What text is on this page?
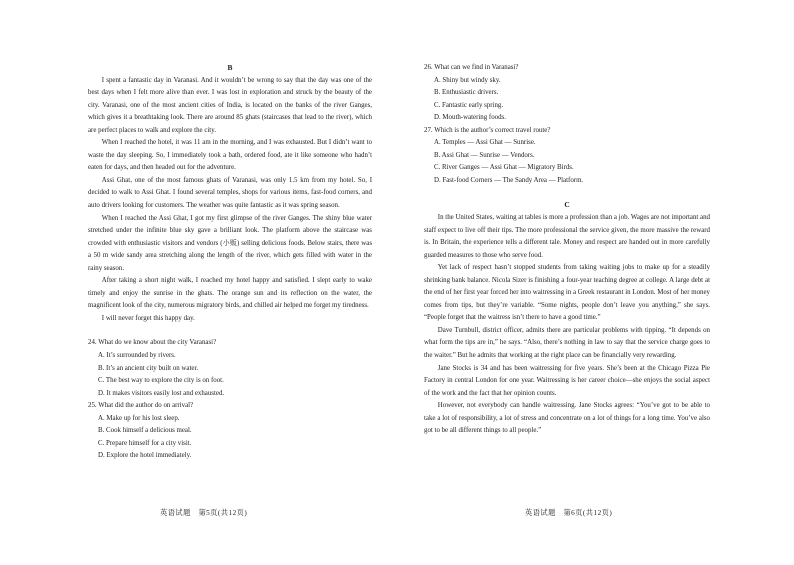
B

I spent a fantastic day in Varanasi. And it wouldn’t be wrong to say that the day was one of the best days when I felt more alive than ever. I was lost in exploration and struck by the beauty of the city. Varanasi, one of the most ancient cities of India, is located on the banks of the river Ganges, which gives it a breathtaking look. There are around 85 ghats (staircases that lead to the river), which are perfect places to walk and explore the city.

When I reached the hotel, it was 11 am in the morning, and I was exhausted. But I didn’t want to waste the day sleeping. So, I immediately took a bath, ordered food, ate it like someone who hadn’t eaten for days, and then headed out for the adventure.

Assi Ghat, one of the most famous ghats of Varanasi, was only 1.5 km from my hotel. So, I decided to walk to Assi Ghat. I found several temples, shops for various items, fast-food corners, and auto drivers looking for customers. The weather was quite fantastic as it was spring season.

When I reached the Assi Ghat, I got my first glimpse of the river Ganges. The shiny blue water stretched under the infinite blue sky gave a brilliant look. The platform above the staircase was crowded with enthusiastic visitors and vendors (小贩) selling delicious foods. Below stairs, there was a 50 m wide sandy area stretching along the length of the river, which gets filled with water in the rainy season.

After taking a short night walk, I reached my hotel happy and satisfied. I slept early to wake timely and enjoy the sunrise in the ghats. The orange sun and its reflection on the water, the magnificent look of the city, numerous migratory birds, and chilled air helped me forget my tiredness.

I will never forget this happy day.

24. What do we know about the city Varanasi?

A. It’s surrounded by rivers.

B. It’s an ancient city built on water.

C. The best way to explore the city is on foot.

D. It makes visitors easily lost and exhausted.

25. What did the author do on arrival?

A. Make up for his lost sleep.

B. Cook himself a delicious meal.

C. Prepare himself for a city visit.

D. Explore the hotel immediately.

英语试题　第5页(共12页)

26. What can we find in Varanasi?

A. Shiny but windy sky.

B. Enthusiastic drivers.

C. Fantastic early spring.

D. Mouth-watering foods.

27. Which is the author’s correct travel route?

A. Temples — Assi Ghat — Sunrise.

B. Assi Ghat — Sunrise — Vendors.

C. River Ganges — Assi Ghat — Migratory Birds.

D. Fast-food Corners — The Sandy Area — Platform.

C

In the United States, waiting at tables is more a profession than a job. Wages are not important and staff expect to live off their tips. The more professional the service given, the more massive the reward is. In Britain, the experience tells a different tale. Money and respect are handed out in more carefully guarded measures to those who serve food.

Yet lack of respect hasn’t stopped students from taking waiting jobs to make up for a steadily shrinking bank balance. Nicola Sizer is finishing a four-year teaching degree at college. A large debt at the end of her first year forced her into waitressing in a Greek restaurant in London. Most of her money comes from tips, but they’re variable. “Some nights, people don’t leave you anything,” she says. “People forget that the waitress isn’t there to have a good time.”

Dave Turnbull, district officer, admits there are particular problems with tipping. “It depends on what form the tips are in,” he says. “Also, there’s nothing in law to say that the service charge goes to the waiter.” But he admits that working at the right place can be financially very rewarding.

Jane Stocks is 34 and has been waitressing for five years. She’s been at the Chicago Pizza Pie Factory in central London for one year. Waitressing is her career choice—she enjoys the social aspect of the work and the fact that her opinion counts.

However, not everybody can handle waitressing. Jane Stocks agrees: “You’ve got to be able to take a lot of responsibility, a lot of stress and concentrate on a lot of things for a long time. You’ve also got to be all different things to all people.”

英语试题　第6页(共12页)
